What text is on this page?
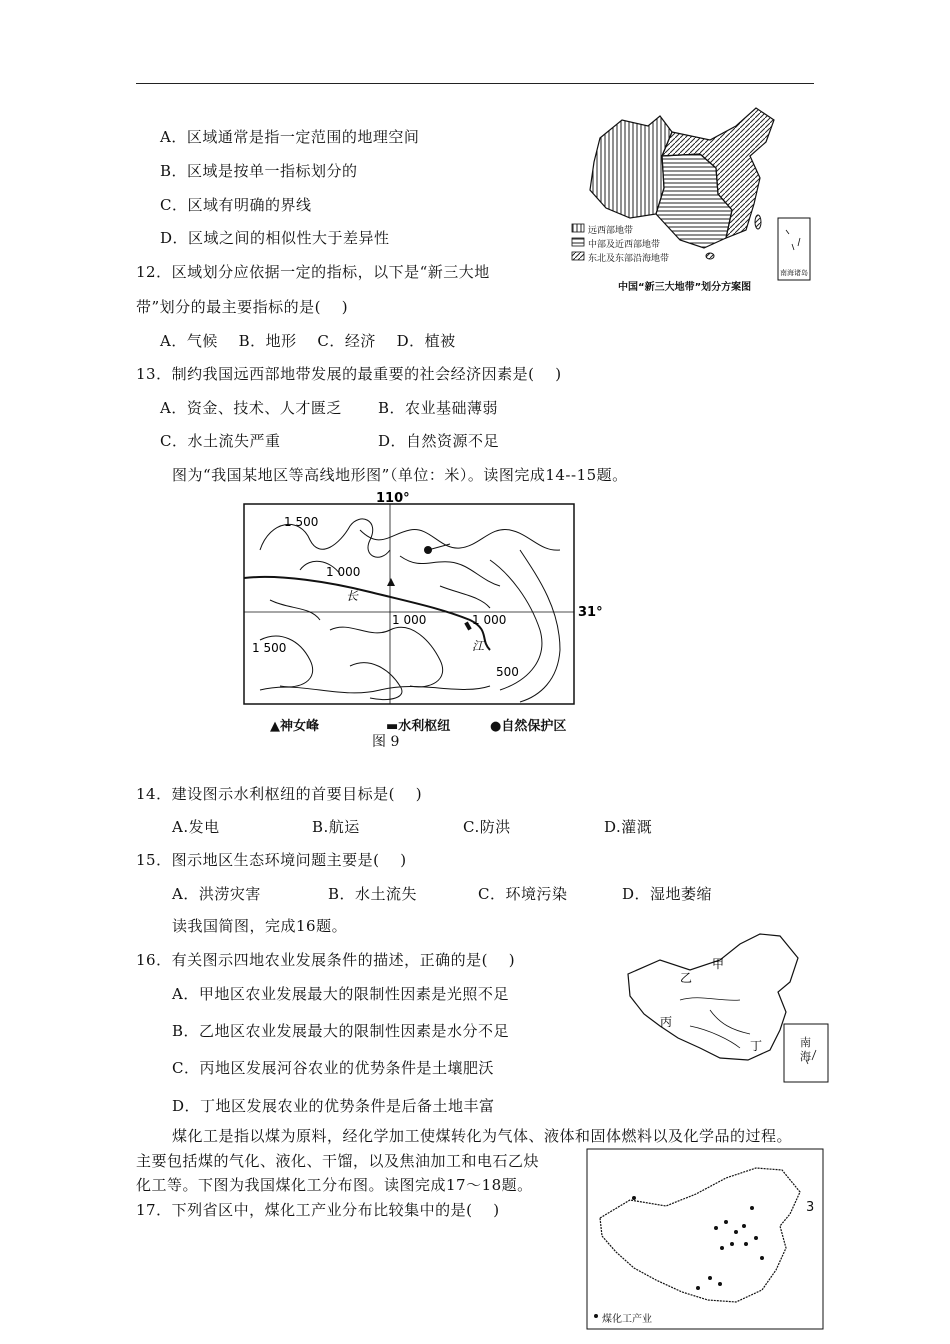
A．区域通常是指一定范围的地理空间
B．区域是按单一指标划分的
C．区域有明确的界线
D．区域之间的相似性大于差异性
12．区域划分应依据一定的指标，以下是“新三大地
带”划分的最主要指标的是(　 )
A．气候　 B．地形　 C．经济　 D．植被
远西部地带
中部及近西部地带
东北及东部沿海地带
南海诸岛
中国“新三大地带”划分方案图
13．制约我国远西部地带发展的最重要的社会经济因素是(　 )
A．资金、技术、人才匮乏 B．农业基础薄弱
C．水土流失严重	D．自然资源不足
图为“我国某地区等高线地形图”（单位：米）。读图完成14--15题。
110°
31°
1 500
1 000
1 000	1 000
1 500
500
长
江
▲神女峰	▬水利枢纽	●自然保护区
图 9
14．建设图示水利枢纽的首要目标是(　 )
A.发电	B.航运	C.防洪	D.灌溉
15．图示地区生态环境问题主要是(　 )
A．洪涝灾害	B．水土流失	C．环境污染	D．湿地萎缩
读我国简图，完成16题。
16．有关图示四地农业发展条件的描述，正确的是(　 )
A．甲地区农业发展最大的限制性因素是光照不足
B．乙地区农业发展最大的限制性因素是水分不足
C．丙地区发展河谷农业的优势条件是土壤肥沃
D．丁地区发展农业的优势条件是后备土地丰富
乙
甲
丙
丁	南
海
煤化工是指以煤为原料，经化学加工使煤转化为气体、液体和固体燃料以及化学品的过程。
主要包括煤的气化、液化、干馏，以及焦油加工和电石乙炔
化工等。下图为我国煤化工分布图。读图完成17～18题。
17．下列省区中，煤化工产业分布比较集中的是(　 )
煤化工产业
3
